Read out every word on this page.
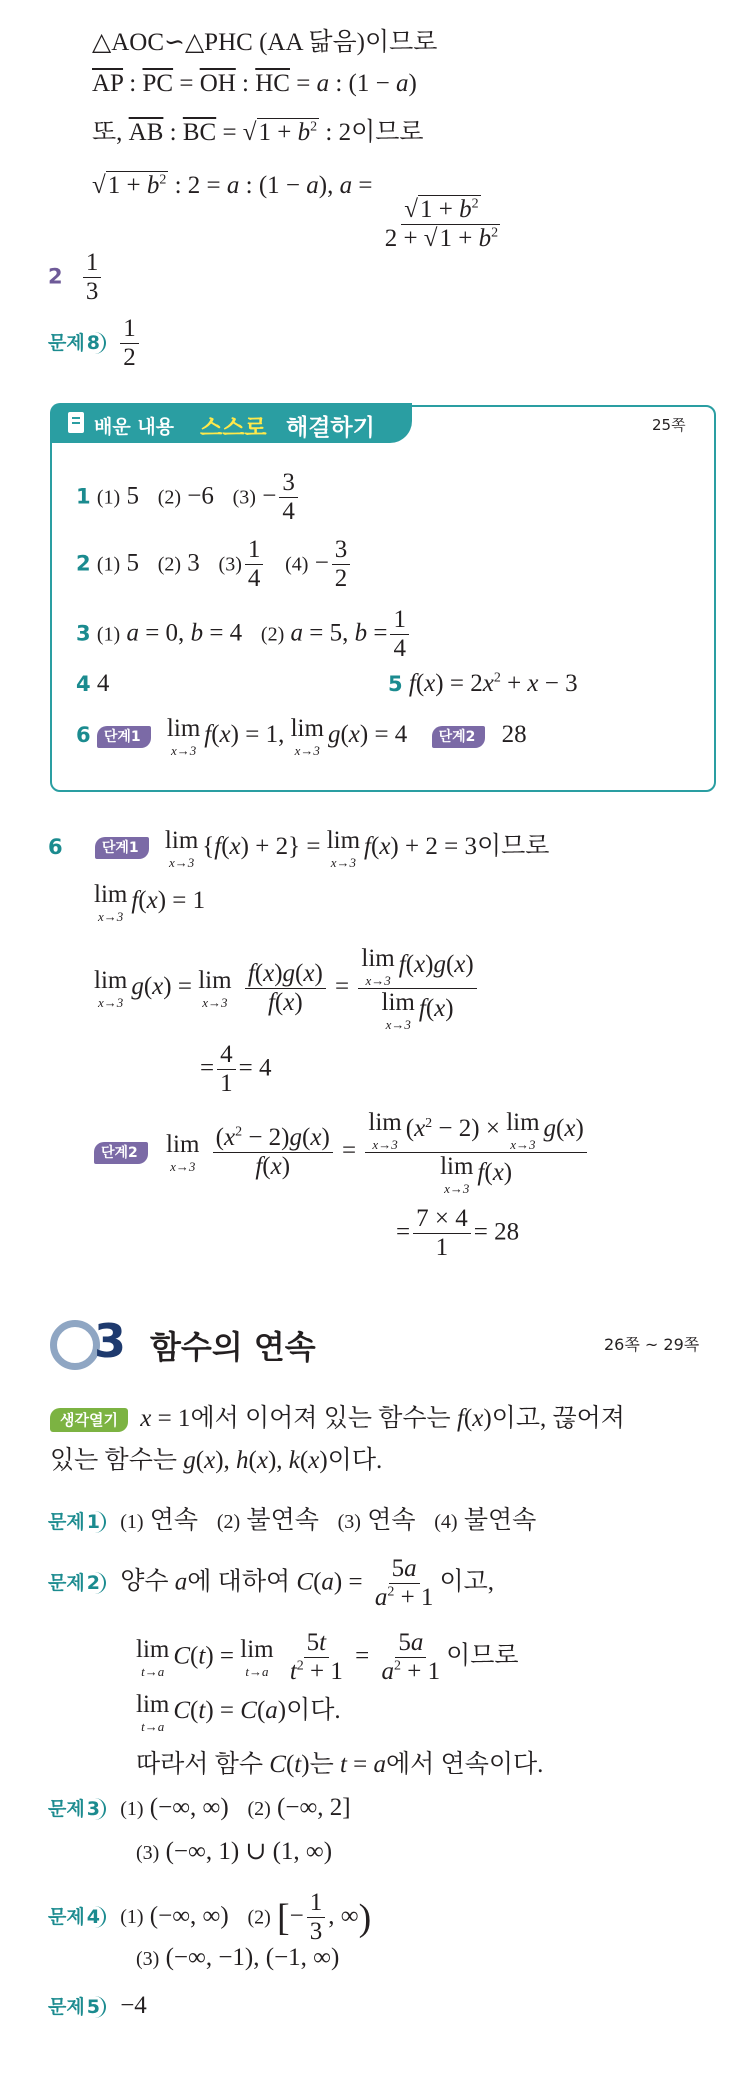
△AOC∽△PHC (AA 닮음)이므로
$\overline{AP}$ : $\overline{PC} = \overline{OH}$ : $\overline{HC} = a$ : (1 − a)
또, $\overline{AB}$ : $\overline{BC} = √1 + b^2$ : 2이므로
$√1 + b^2$ : 2 = a : (1 − a), a =
$\frac{√1 + b^2}{2 + √1 + b^2}$
$2 \frac{1}{3}$
문제 $8 \frac{1}{2}$
배운 내용 스스로 해결하기	25쪽
1 (1) 5   (2) −6   $(3) - \frac{3}{4}$
2 (1) 5   (2) 3   $(3) \frac{1}{4} (4) - \frac{3}{2}$
3 (1) a = 0, b = 4   (2) a = 5, $b = \frac{1}{4}$
4 4	5 $f(x) = 2x^2 + x - 3$
6 단계1 lim
x→3
f(x) = 1, lim
x→3
g(x) = 4 단계2 28
6	단계1 lim
x→3
{f(x) + 2} = lim
x→3
f(x) + 2 = 3이므로
lim
x→3
f(x) = 1
lim
x→3
g(x) = lim
x→3
$\frac{f(x)g(x)}{f(x)} = \lim$
x→3
f(x)g(x)
lim
x→3
f(x)
= $\frac{4}{1} = 4$
단계2 lim
x→3
$\frac{(x^2 - 2)g(x)}{f(x)} = \lim$
x→3
$(x^2 - 2) \times \lim$
x→3
g(x)
lim
x→3
f(x)
= $\frac{7 \times 4}{1} = 28$
3 함수의 연속	26쪽 ~ 29쪽
생각열기 x = 1에서 이어져 있는 함수는 f(x)이고, 끊어져
있는 함수는 g(x), h(x), k(x)이다.
문제 1 (1) 연속 (2) 불연속 (3) 연속 (4) 불연속
문제 2 양수 a에 대하여 $C(a) = \frac{5a}{a^2 + 1}$ 이고,
lim
t→a
C(t) = lim
t→a
$\frac{5t}{t^2 + 1} = \frac{5a}{a^2 + 1}$ 이므로
lim
t→a
C(t) = C(a)이다.
따라서 함수 C(t)는 t = a에서 연속이다.
문제 3 (1) (−∞, ∞)   (2) (−∞, 2]
(3) (−∞, 1) ∪ (1, ∞)
문제 4 (1) (−∞, ∞)   (2) [− $\frac{1}{3}$ , ∞)
(3) (−∞, −1), (−1, ∞)
문제 5 −4
